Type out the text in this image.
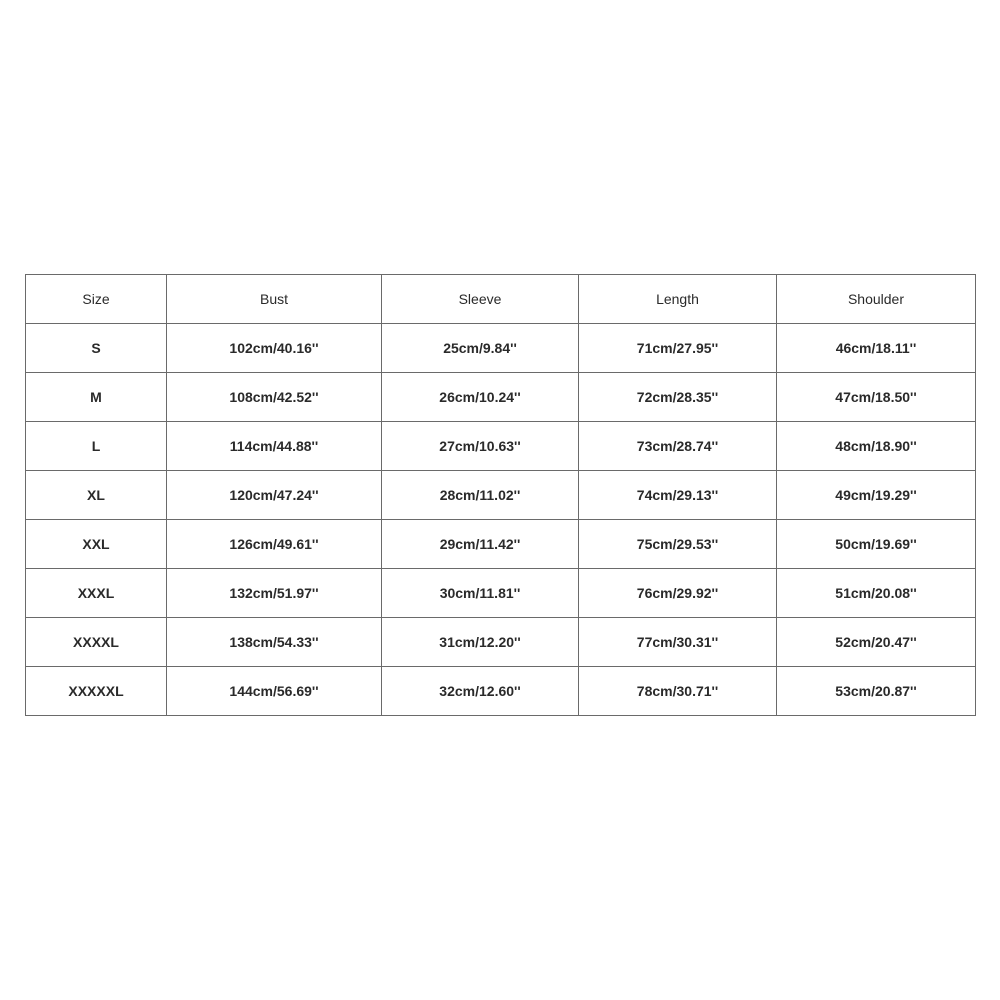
Size	Bust	Sleeve	Length	Shoulder
S	102cm/40.16''	25cm/9.84''	71cm/27.95''	46cm/18.11''
M	108cm/42.52''	26cm/10.24''	72cm/28.35''	47cm/18.50''
L	114cm/44.88''	27cm/10.63''	73cm/28.74''	48cm/18.90''
XL	120cm/47.24''	28cm/11.02''	74cm/29.13''	49cm/19.29''
XXL	126cm/49.61''	29cm/11.42''	75cm/29.53''	50cm/19.69''
XXXL	132cm/51.97''	30cm/11.81''	76cm/29.92''	51cm/20.08''
XXXXL	138cm/54.33''	31cm/12.20''	77cm/30.31''	52cm/20.47''
XXXXXL	144cm/56.69''	32cm/12.60''	78cm/30.71''	53cm/20.87''
